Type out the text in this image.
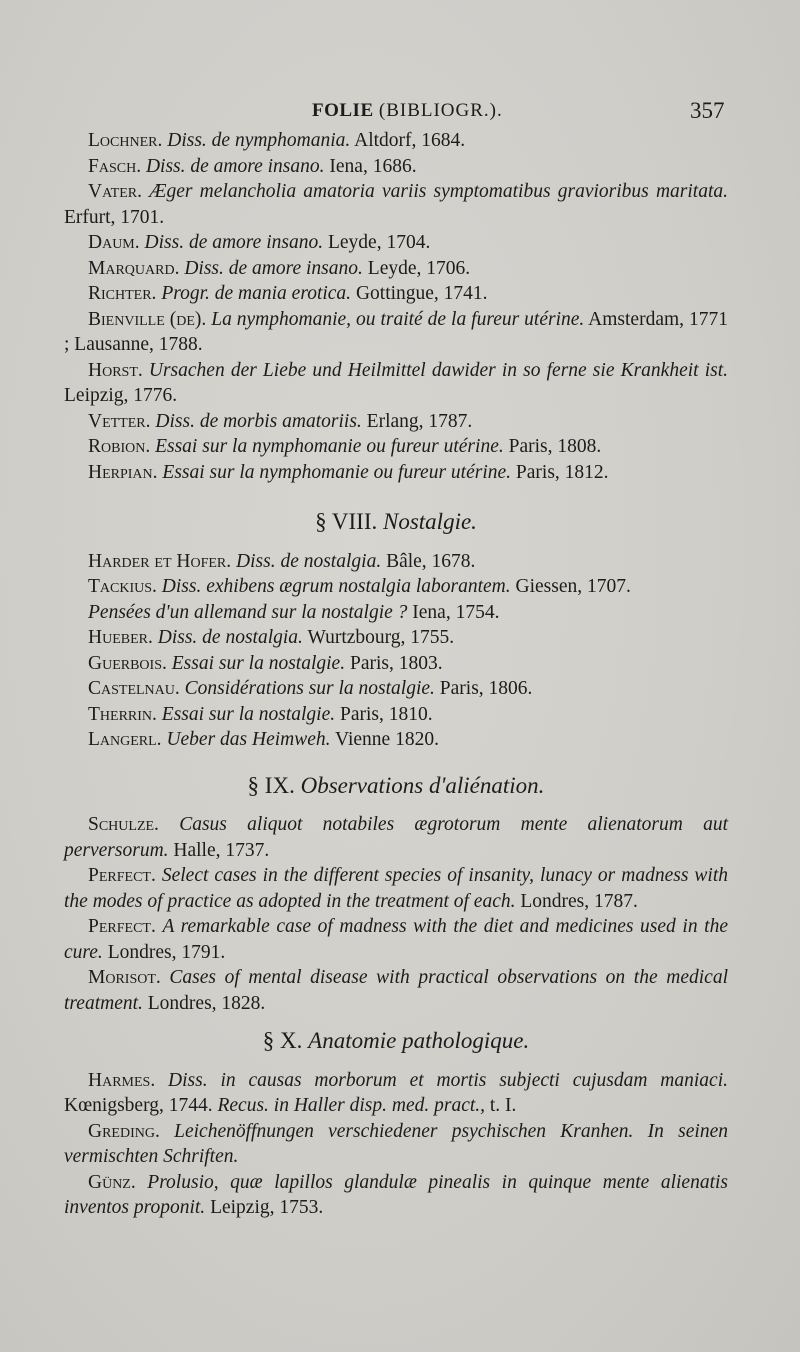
FOLIE (BIBLIOGR.).	357

Lochner. Diss. de nymphomania. Altdorf, 1684.

Fasch. Diss. de amore insano. Iena, 1686.

Vater. Æger melancholia amatoria variis symptomatibus gravioribus maritata. Erfurt, 1701.

Daum. Diss. de amore insano. Leyde, 1704.

Marquard. Diss. de amore insano. Leyde, 1706.

Richter. Progr. de mania erotica. Gottingue, 1741.

Bienville (de). La nymphomanie, ou traité de la fureur utérine. Amsterdam, 1771 ; Lausanne, 1788.

Horst. Ursachen der Liebe und Heilmittel dawider in so ferne sie Krankheit ist. Leipzig, 1776.

Vetter. Diss. de morbis amatoriis. Erlang, 1787.

Robion. Essai sur la nymphomanie ou fureur utérine. Paris, 1808.

Herpian. Essai sur la nymphomanie ou fureur utérine. Paris, 1812.

§ VIII. Nostalgie.

Harder et Hofer. Diss. de nostalgia. Bâle, 1678.

Tackius. Diss. exhibens ægrum nostalgia laborantem. Giessen, 1707.

Pensées d'un allemand sur la nostalgie ? Iena, 1754.

Hueber. Diss. de nostalgia. Wurtzbourg, 1755.

Guerbois. Essai sur la nostalgie. Paris, 1803.

Castelnau. Considérations sur la nostalgie. Paris, 1806.

Therrin. Essai sur la nostalgie. Paris, 1810.

Langerl. Ueber das Heimweh. Vienne 1820.

§ IX. Observations d'aliénation.

Schulze. Casus aliquot notabiles ægrotorum mente alienatorum aut perversorum. Halle, 1737.

Perfect. Select cases in the different species of insanity, lunacy or madness with the modes of practice as adopted in the treatment of each. Londres, 1787.

Perfect. A remarkable case of madness with the diet and medicines used in the cure. Londres, 1791.

Morisot. Cases of mental disease with practical observations on the medical treatment. Londres, 1828.

§ X. Anatomie pathologique.

Harmes. Diss. in causas morborum et mortis subjecti cujusdam maniaci. Kœnigsberg, 1744. Recus. in Haller disp. med. pract., t. I.

Greding. Leichenöffnungen verschiedener psychischen Kranhen. In seinen vermischten Schriften.

Günz. Prolusio, quæ lapillos glandulæ pinealis in quinque mente alienatis inventos proponit. Leipzig, 1753.
